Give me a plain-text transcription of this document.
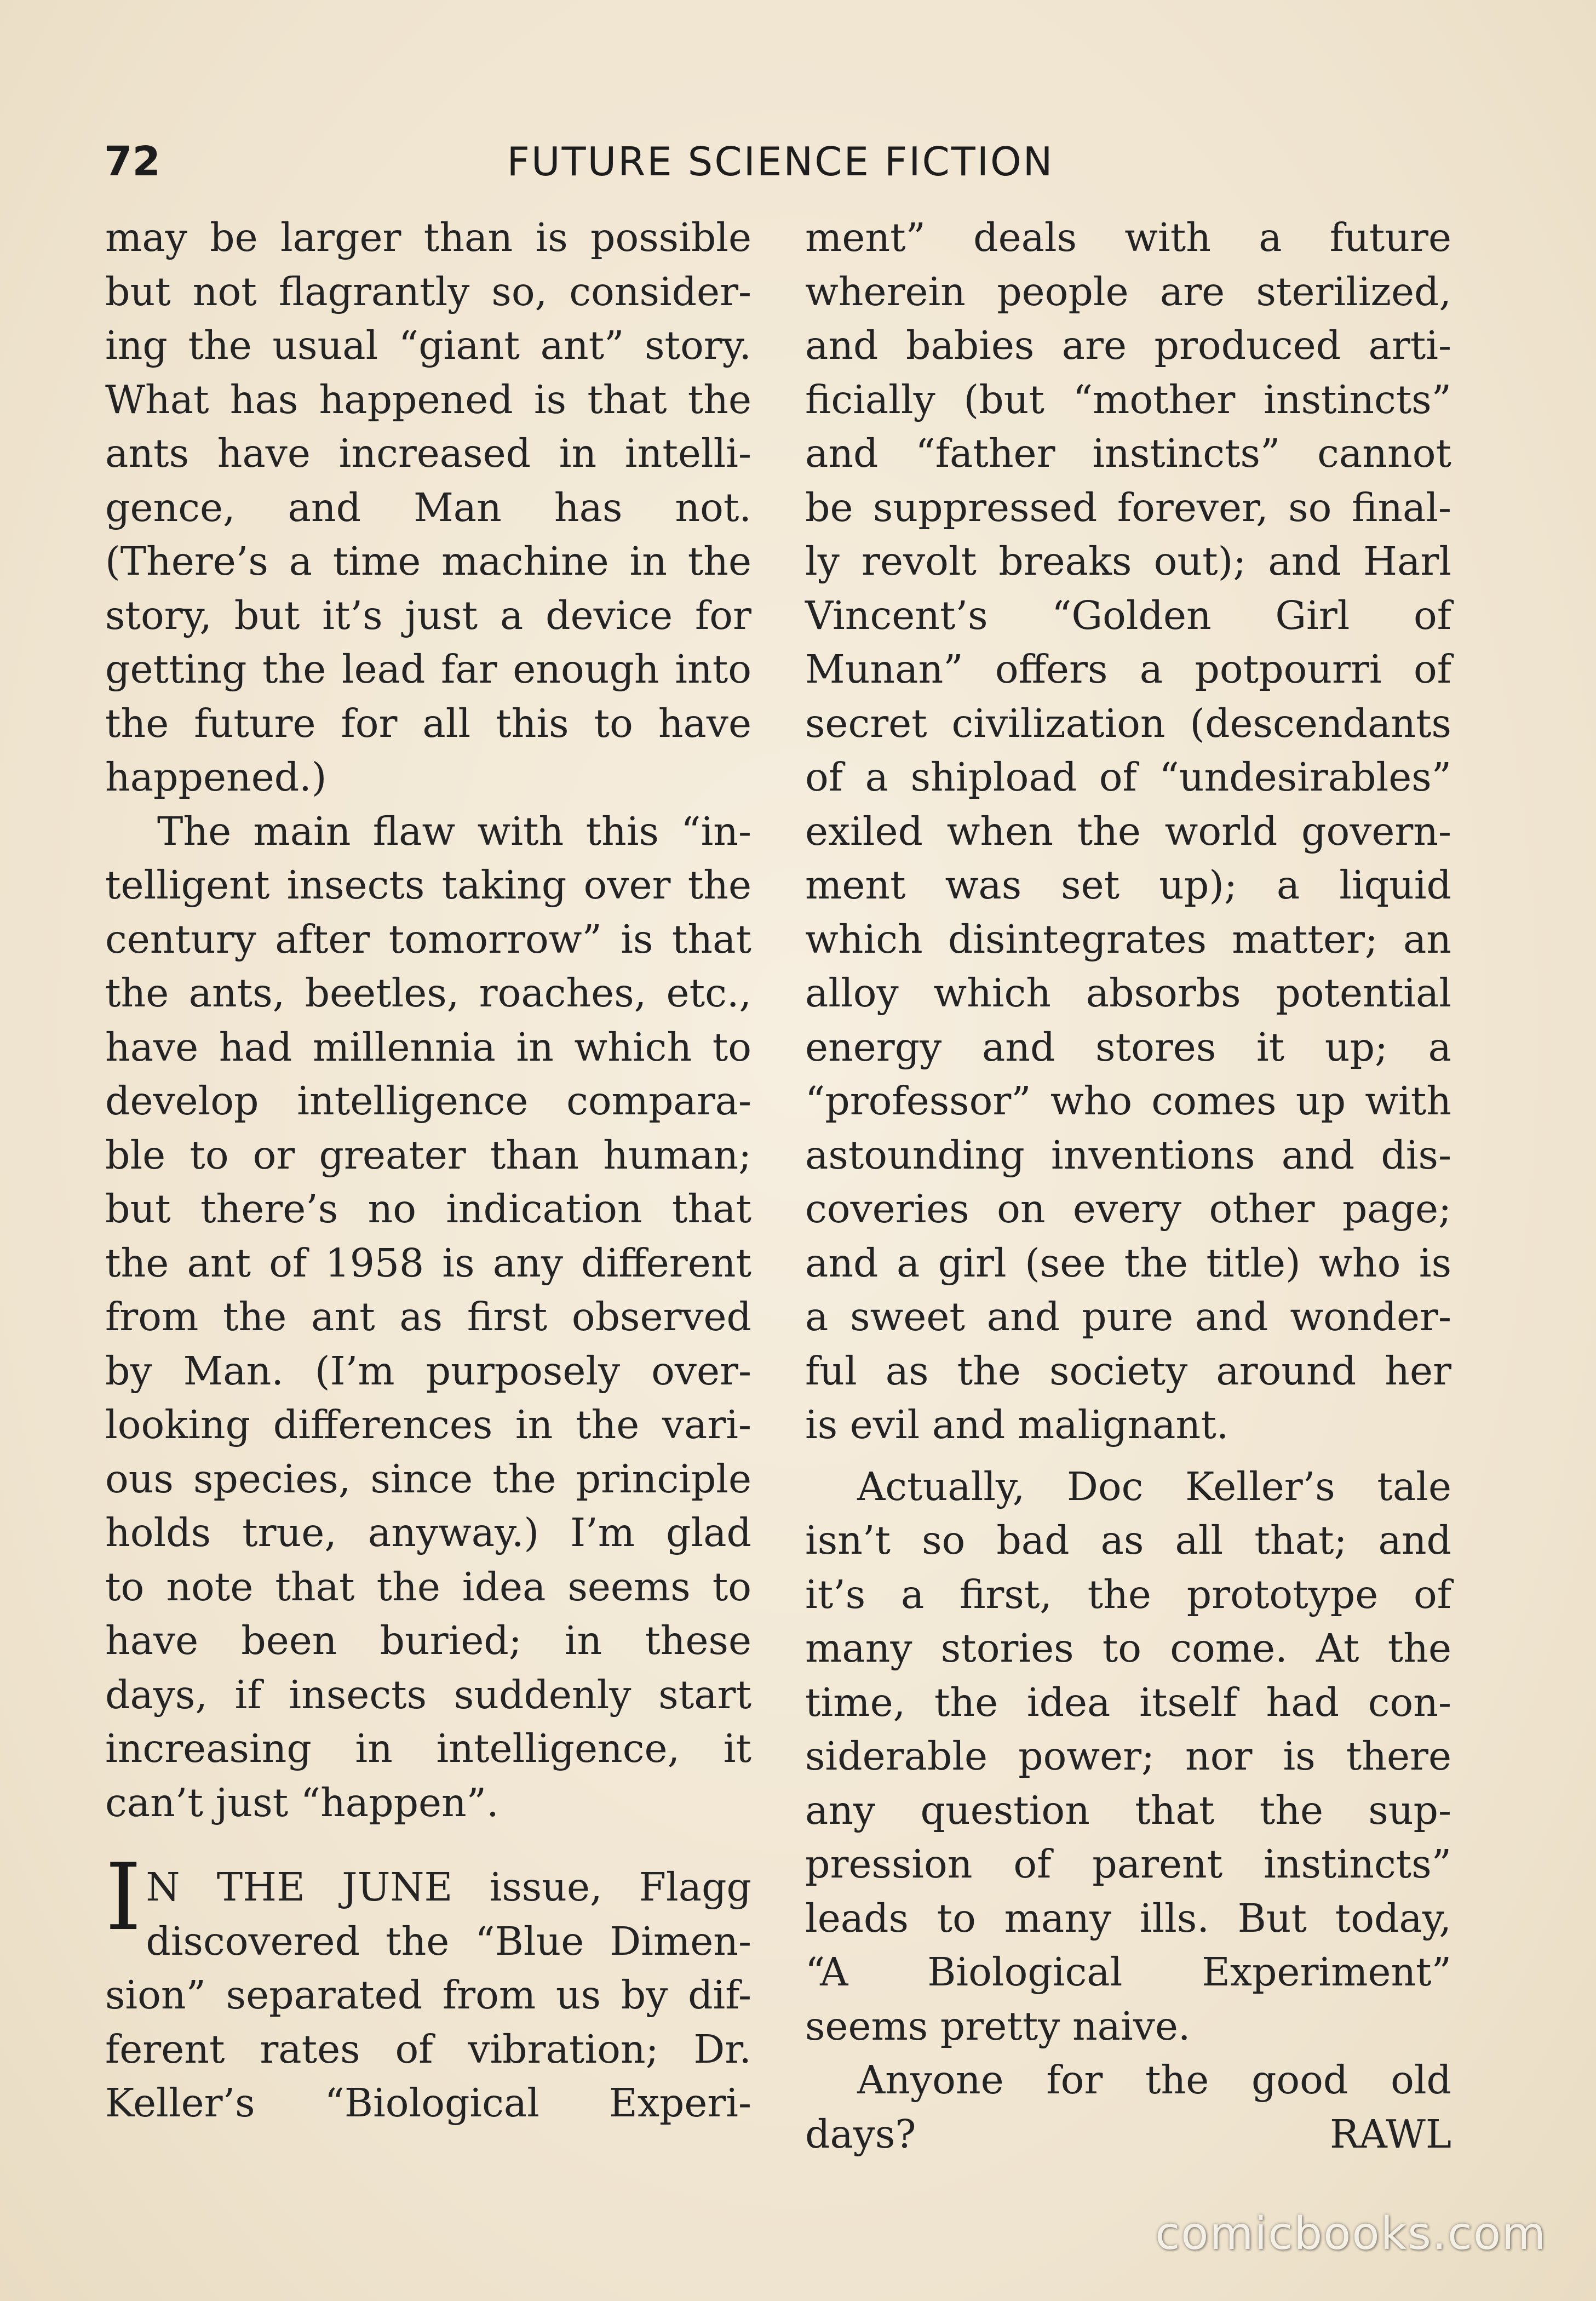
72	FUTURE SCIENCE FICTION

may be larger than is possible
but not flagrantly so, consider-
ing the usual “giant ant” story.
What has happened is that the
ants have increased in intelli-
gence, and Man has not.
(There’s a time machine in the
story, but it’s just a device for
getting the lead far enough into
the future for all this to have
happened.)

The main flaw with this “in-
telligent insects taking over the
century after tomorrow” is that
the ants, beetles, roaches, etc.,
have had millennia in which to
develop intelligence compara-
ble to or greater than human;
but there’s no indication that
the ant of 1958 is any different
from the ant as first observed
by Man. (I’m purposely over-
looking differences in the vari-
ous species, since the principle
holds true, anyway.) I’m glad
to note that the idea seems to
have been buried; in these
days, if insects suddenly start
increasing in intelligence, it
can’t just “happen”.

I N THE JUNE issue, Flagg
discovered the “Blue Dimen-
sion” separated from us by dif-
ferent rates of vibration; Dr.
Keller’s “Biological Experi-

ment” deals with a future
wherein people are sterilized,
and babies are produced arti-
ficially (but “mother instincts”
and “father instincts” cannot
be suppressed forever, so final-
ly revolt breaks out); and Harl
Vincent’s “Golden Girl of
Munan” offers a potpourri of
secret civilization (descendants
of a shipload of “undesirables”
exiled when the world govern-
ment was set up); a liquid
which disintegrates matter; an
alloy which absorbs potential
energy and stores it up; a
“professor” who comes up with
astounding inventions and dis-
coveries on every other page;
and a girl (see the title) who is
a sweet and pure and wonder-
ful as the society around her
is evil and malignant.

Actually, Doc Keller’s tale
isn’t so bad as all that; and
it’s a first, the prototype of
many stories to come. At the
time, the idea itself had con-
siderable power; nor is there
any question that the sup-
pression of parent instincts”
leads to many ills. But today,
“A Biological Experiment”
seems pretty naive.

Anyone for the good old
days?	RAWL

comicbooks.com
